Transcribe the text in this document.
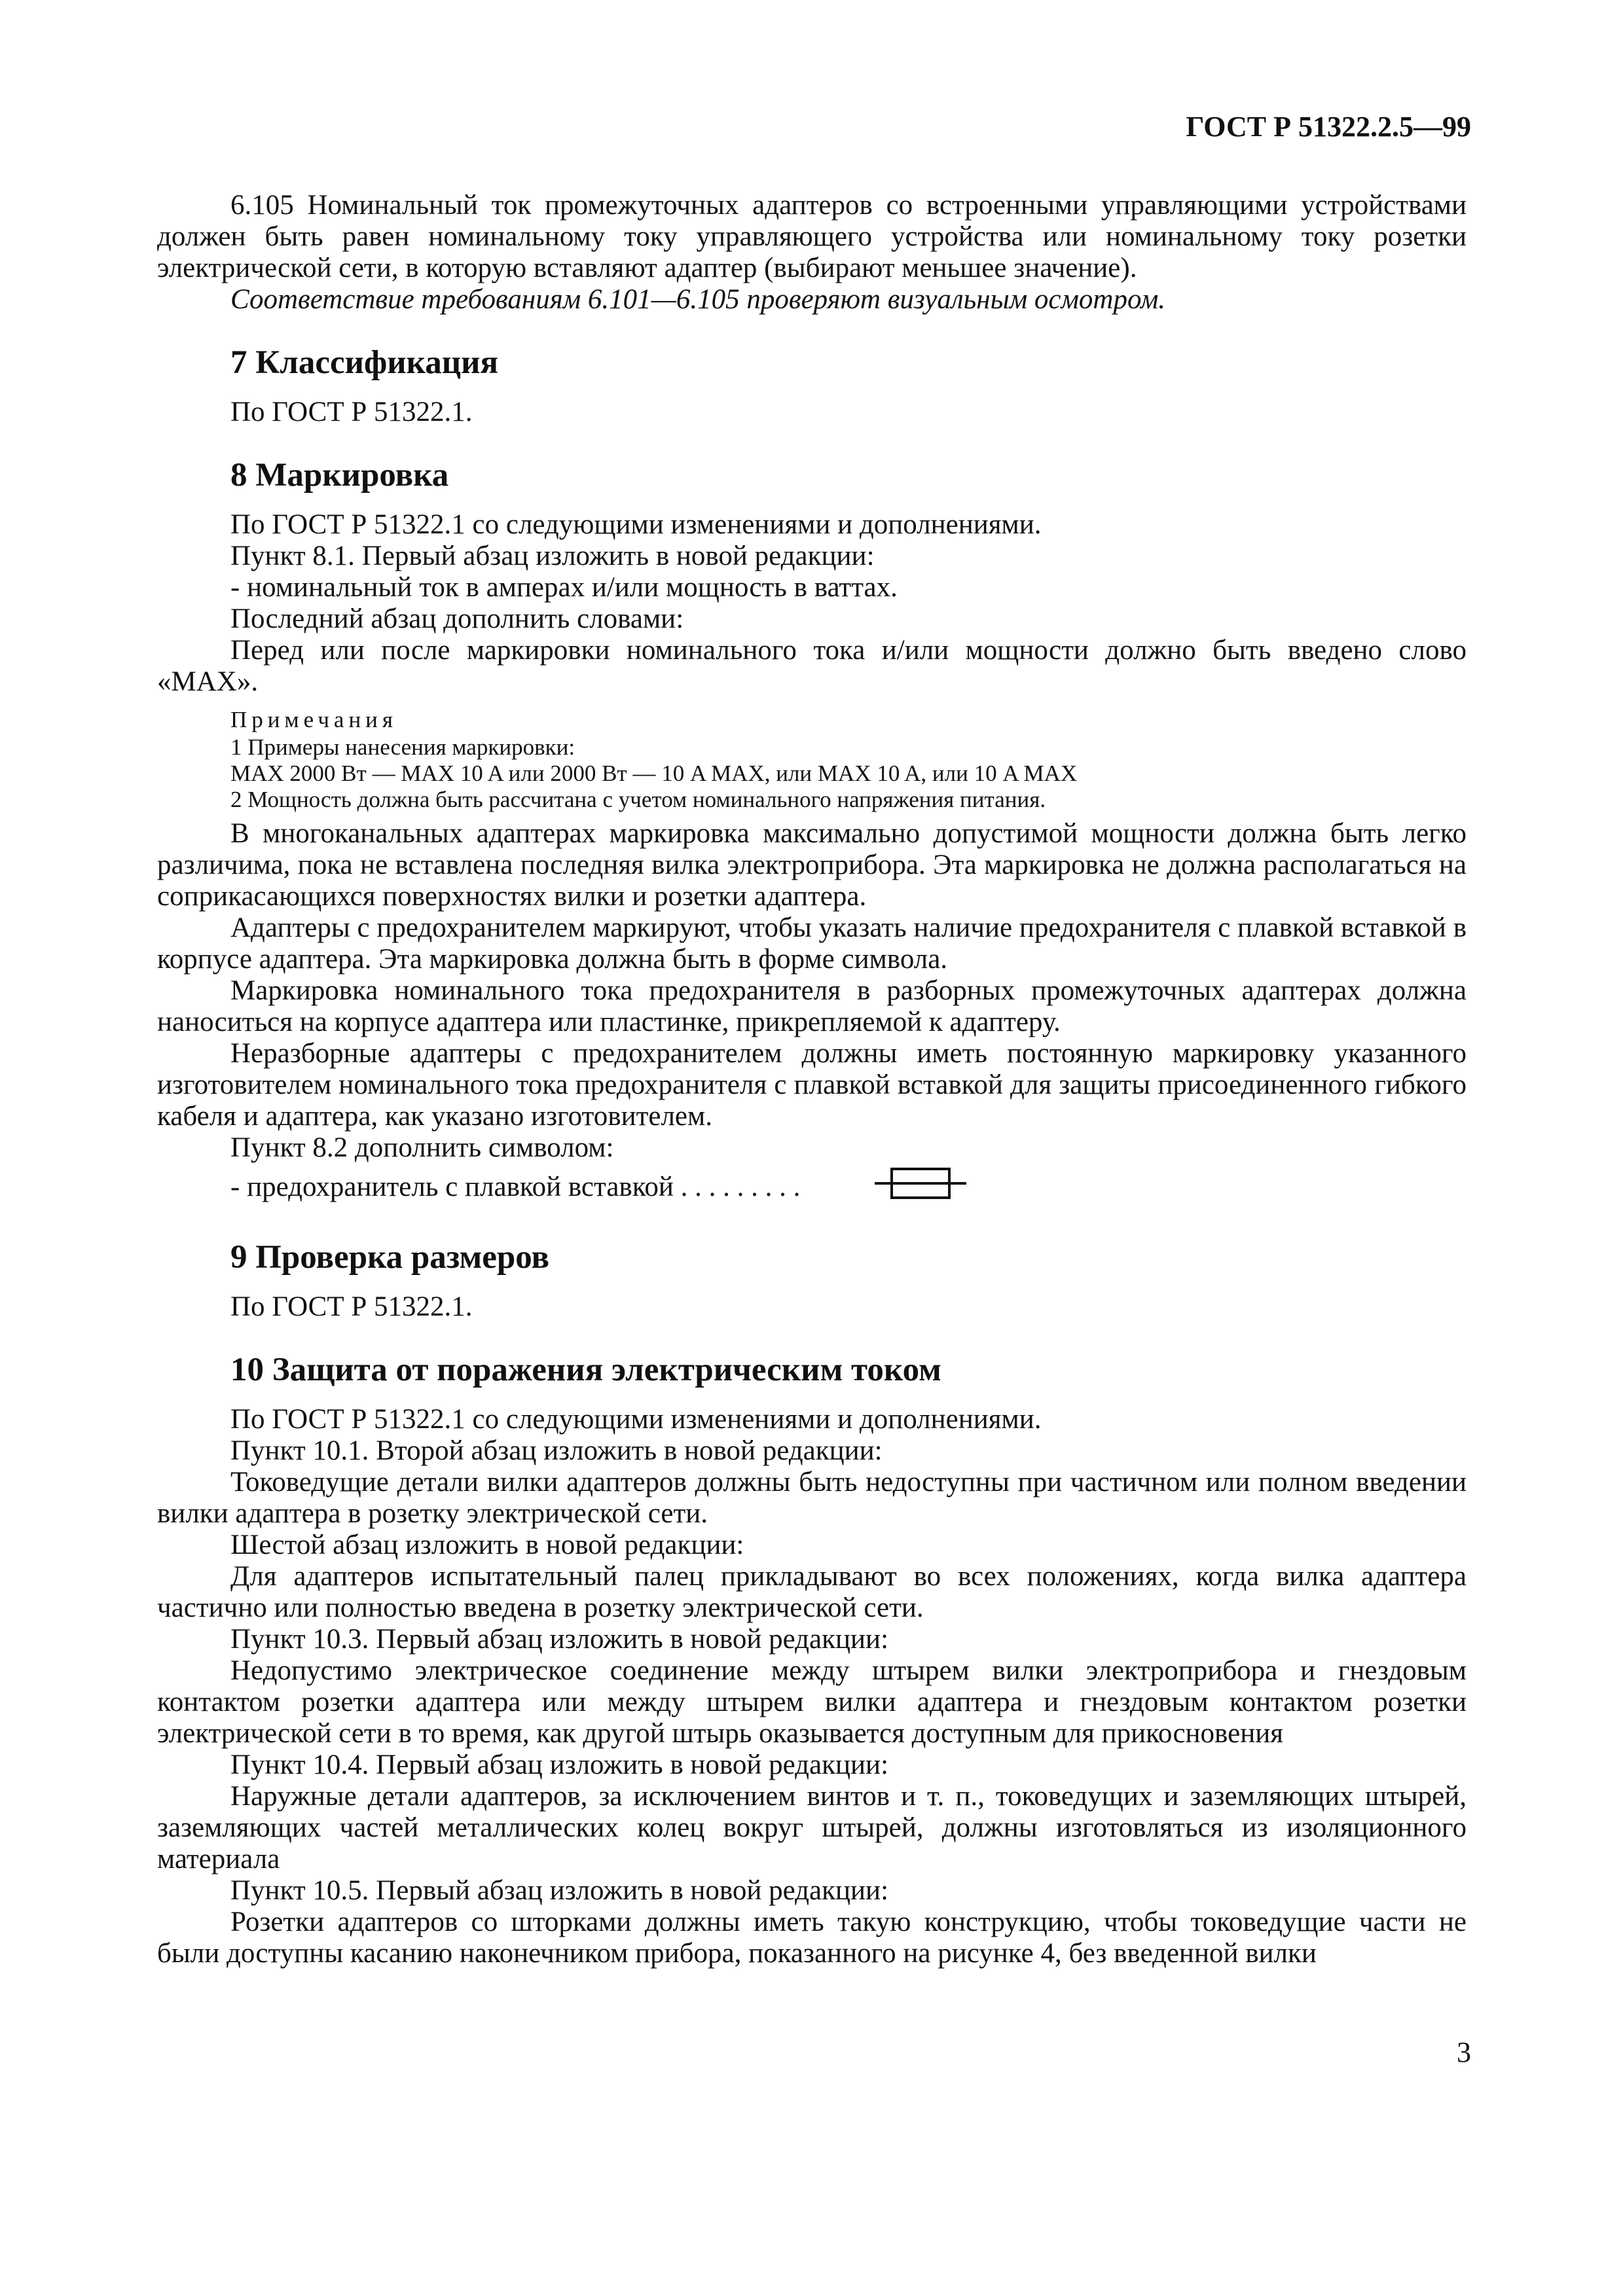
ГОСТ Р 51322.2.5—99

6.105 Номинальный ток промежуточных адаптеров со встроенными управляющими устройствами должен быть равен номинальному току управляющего устройства или номинальному току розетки электрической сети, в которую вставляют адаптер (выбирают меньшее значение).

Соответствие требованиям 6.101—6.105 проверяют визуальным осмотром.

7 Классификация

По ГОСТ Р 51322.1.

8 Маркировка

По ГОСТ Р 51322.1 со следующими изменениями и дополнениями.

Пункт 8.1. Первый абзац изложить в новой редакции:

- номинальный ток в амперах и/или мощность в ваттах.

Последний абзац дополнить словами:

Перед или после маркировки номинального тока и/или мощности должно быть введено слово «MAX».

Примечания

1 Примеры нанесения маркировки:

MAX 2000 Вт — MAX 10 A или 2000 Вт — 10 A MAX, или MAX 10 A, или 10 A MAX

2 Мощность должна быть рассчитана с учетом номинального напряжения питания.

В многоканальных адаптерах маркировка максимально допустимой мощности должна быть легко различима, пока не вставлена последняя вилка электроприбора. Эта маркировка не должна располагаться на соприкасающихся поверхностях вилки и розетки адаптера.

Адаптеры с предохранителем маркируют, чтобы указать наличие предохранителя с плавкой вставкой в корпусе адаптера. Эта маркировка должна быть в форме символа.

Маркировка номинального тока предохранителя в разборных промежуточных адаптерах должна наноситься на корпусе адаптера или пластинке, прикрепляемой к адаптеру.

Неразборные адаптеры с предохранителем должны иметь постоянную маркировку указанного изготовителем номинального тока предохранителя с плавкой вставкой для защиты присоединенного гибкого кабеля и адаптера, как указано изготовителем.

Пункт 8.2 дополнить символом:

- предохранитель с плавкой вставкой . . . . . . . . .

9 Проверка размеров

По ГОСТ Р 51322.1.

10 Защита от поражения электрическим током

По ГОСТ Р 51322.1 со следующими изменениями и дополнениями.

Пункт 10.1. Второй абзац изложить в новой редакции:

Токоведущие детали вилки адаптеров должны быть недоступны при частичном или полном введении вилки адаптера в розетку электрической сети.

Шестой абзац изложить в новой редакции:

Для адаптеров испытательный палец прикладывают во всех положениях, когда вилка адаптера частично или полностью введена в розетку электрической сети.

Пункт 10.3. Первый абзац изложить в новой редакции:

Недопустимо электрическое соединение между штырем вилки электроприбора и гнездовым контактом розетки адаптера или между штырем вилки адаптера и гнездовым контактом розетки электрической сети в то время, как другой штырь оказывается доступным для прикосновения

Пункт 10.4. Первый абзац изложить в новой редакции:

Наружные детали адаптеров, за исключением винтов и т. п., токоведущих и заземляющих штырей, заземляющих частей металлических колец вокруг штырей, должны изготовляться из изоляционного материала

Пункт 10.5. Первый абзац изложить в новой редакции:

Розетки адаптеров со шторками должны иметь такую конструкцию, чтобы токоведущие части не были доступны касанию наконечником прибора, показанного на рисунке 4, без введенной вилки

3
